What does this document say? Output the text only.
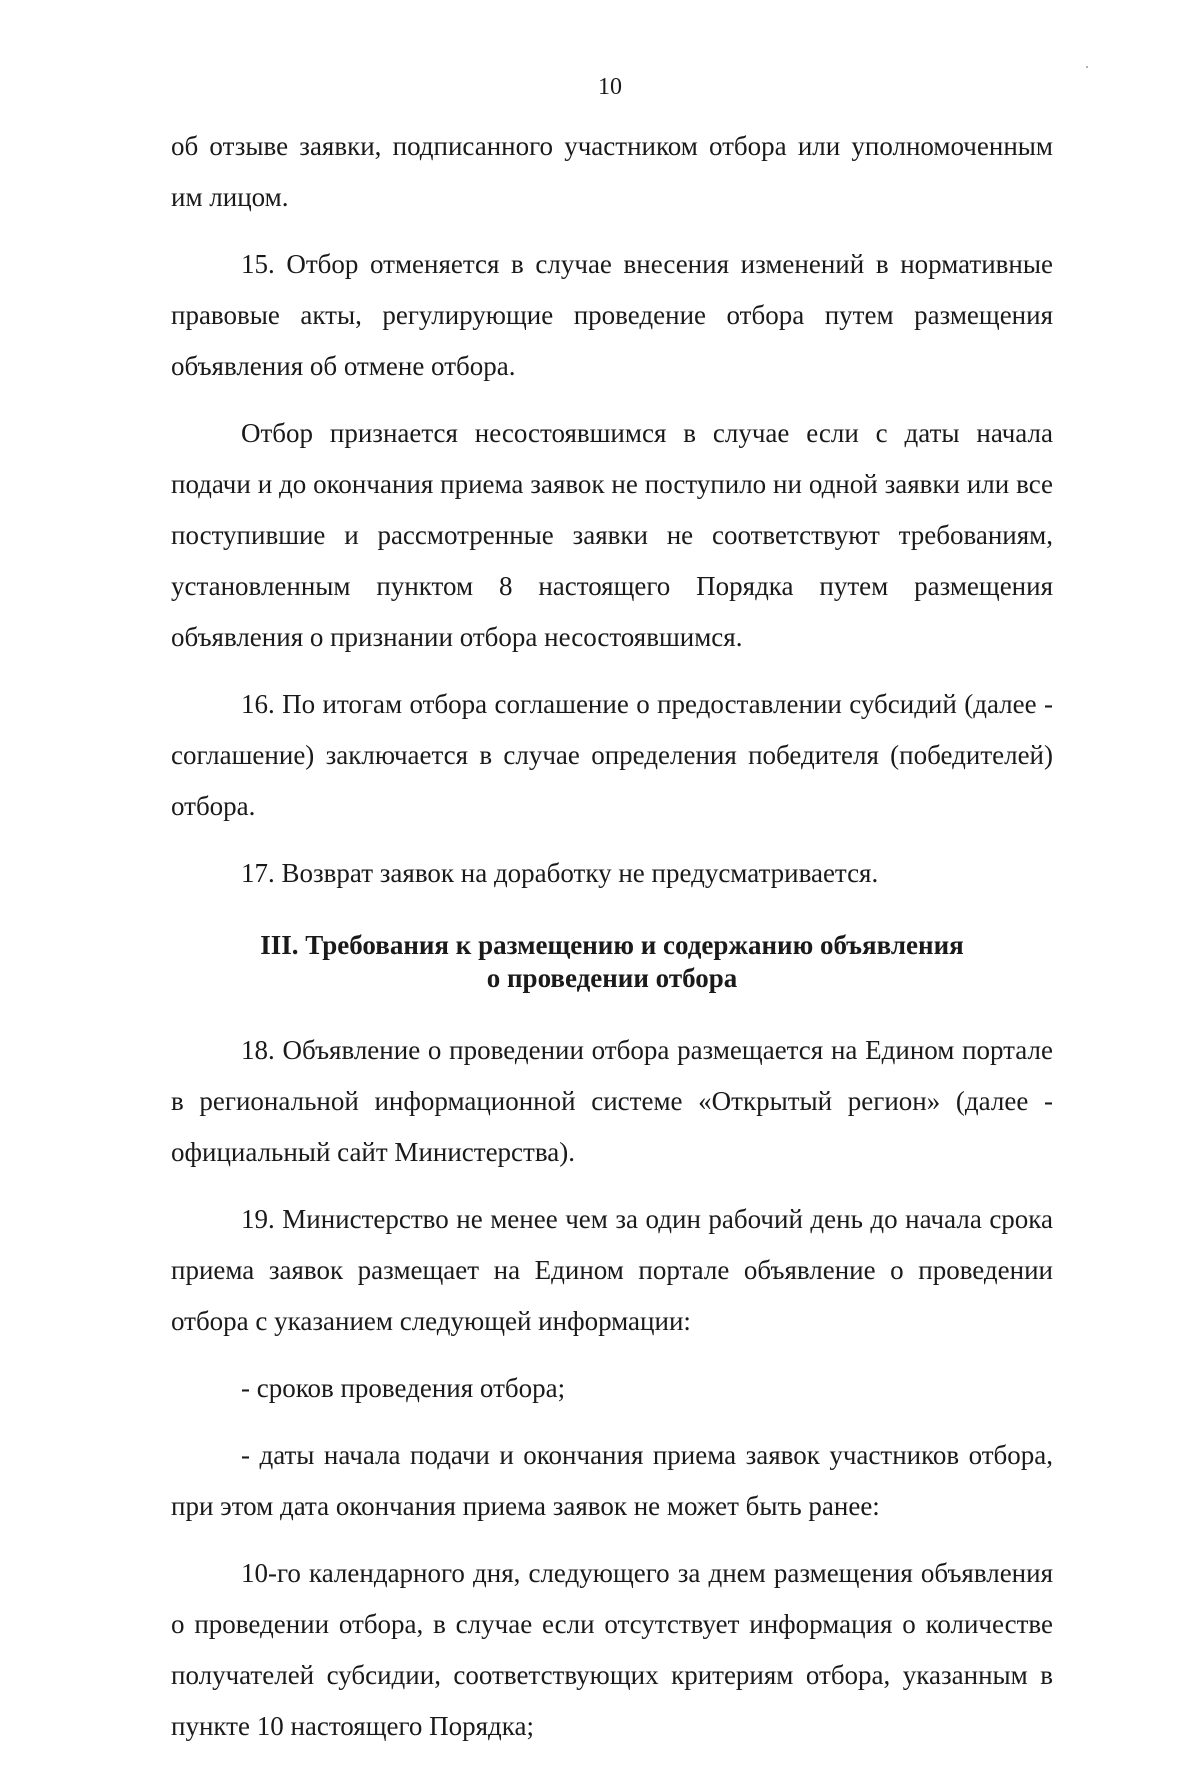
10

об отзыве заявки, подписанного участником отбора или уполномоченным им лицом.

15. Отбор отменяется в случае внесения изменений в нормативные правовые акты, регулирующие проведение отбора путем размещения объявления об отмене отбора.

Отбор признается несостоявшимся в случае если с даты начала подачи и до окончания приема заявок не поступило ни одной заявки или все поступившие и рассмотренные заявки не соответствуют требованиям, установленным пунктом 8 настоящего Порядка путем размещения объявления о признании отбора несостоявшимся.

16. По итогам отбора соглашение о предоставлении субсидий (далее - соглашение) заключается в случае определения победителя (победителей) отбора.

17. Возврат заявок на доработку не предусматривается.

III. Требования к размещению и содержанию объявления
о проведении отбора

18. Объявление о проведении отбора размещается на Едином портале в региональной информационной системе «Открытый регион» (далее - официальный сайт Министерства).

19. Министерство не менее чем за один рабочий день до начала срока приема заявок размещает на Едином портале объявление о проведении отбора с указанием следующей информации:

- сроков проведения отбора;

- даты начала подачи и окончания приема заявок участников отбора, при этом дата окончания приема заявок не может быть ранее:

10-го календарного дня, следующего за днем размещения объявления о проведении отбора, в случае если отсутствует информация о количестве получателей субсидии, соответствующих критериям отбора, указанным в пункте 10 настоящего Порядка;
